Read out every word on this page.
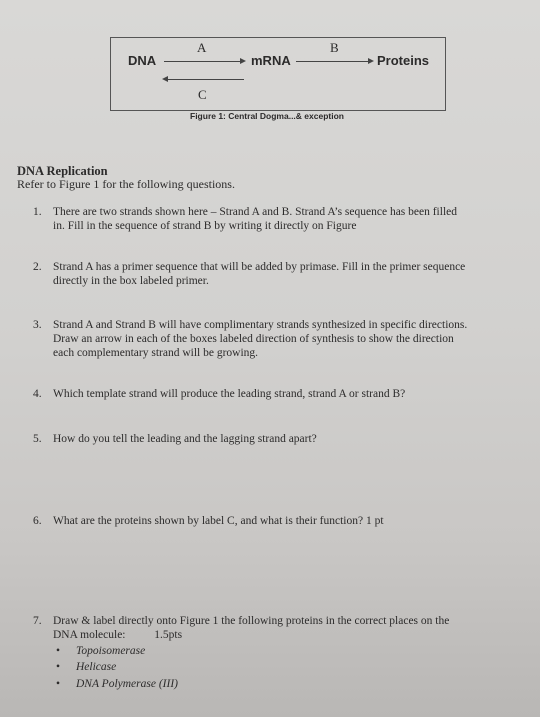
A	B
DNA	mRNA	Proteins
C
Figure 1: Central Dogma...& exception
DNA Replication
Refer to Figure 1 for the following questions.
1. There are two strands shown here – Strand A and B. Strand A’s sequence has been filled
in. Fill in the sequence of strand B by writing it directly on Figure
2. Strand A has a primer sequence that will be added by primase. Fill in the primer sequence
directly in the box labeled primer.
3. Strand A and Strand B will have complimentary strands synthesized in specific directions.
Draw an arrow in each of the boxes labeled direction of synthesis to show the direction
each complementary strand will be growing.
4. Which template strand will produce the leading strand, strand A or strand B?
5. How do you tell the leading and the lagging strand apart?
6. What are the proteins shown by label C, and what is their function? 1 pt
7. Draw & label directly onto Figure 1 the following proteins in the correct places on the
DNA molecule:          1.5pts
• Topoisomerase
• Helicase
• DNA Polymerase (III)
